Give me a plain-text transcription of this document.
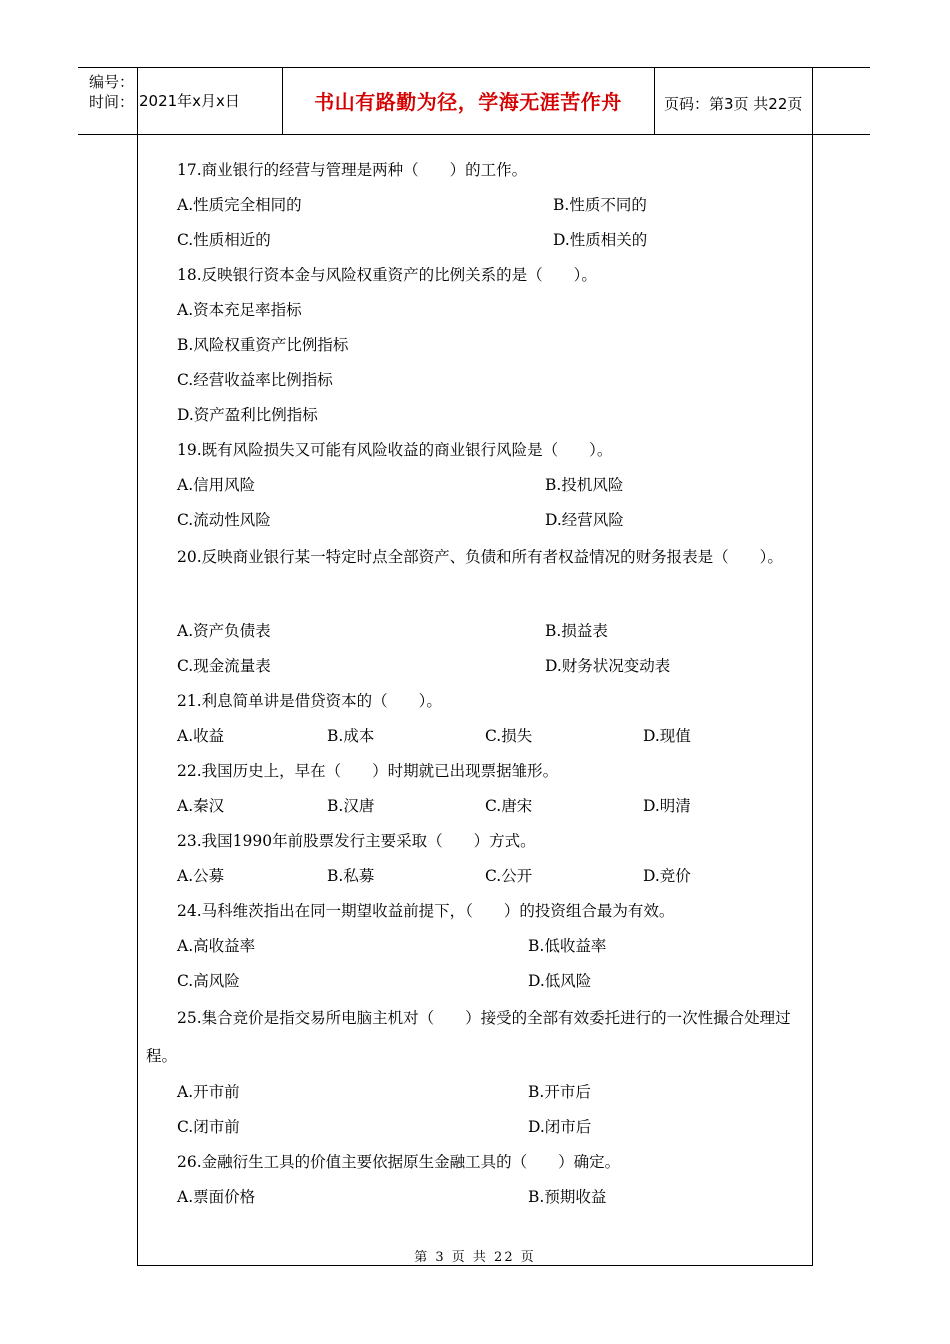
编号：
时间： 2021年x月x日	书山有路勤为径，学海无涯苦作舟	页码：第3页 共22页
17.商业银行的经营与管理是两种（　　）的工作。
A.性质完全相同的	B.性质不同的
C.性质相近的	D.性质相关的
18.反映银行资本金与风险权重资产的比例关系的是（　　）。
A.资本充足率指标
B.风险权重资产比例指标
C.经营收益率比例指标
D.资产盈利比例指标
19.既有风险损失又可能有风险收益的商业银行风险是（　　）。
A.信用风险	B.投机风险
C.流动性风险	D.经营风险
20.反映商业银行某一特定时点全部资产、负债和所有者权益情况的财务报表是（　　）。
A.资产负债表	B.损益表
C.现金流量表	D.财务状况变动表
21.利息简单讲是借贷资本的（　　）。
A.收益	B.成本	C.损失	D.现值
22.我国历史上，早在（　　）时期就已出现票据雏形。
A.秦汉	B.汉唐	C.唐宋	D.明清
23.我国1990年前股票发行主要采取（　　）方式。
A.公募	B.私募	C.公开	D.竞价
24.马科维茨指出在同一期望收益前提下，（　　）的投资组合最为有效。
A.高收益率	B.低收益率
C.高风险	D.低风险
25.集合竞价是指交易所电脑主机对（　　）接受的全部有效委托进行的一次性撮合处理过程。
A.开市前	B.开市后
C.闭市前	D.闭市后
26.金融衍生工具的价值主要依据原生金融工具的（　　）确定。
A.票面价格	B.预期收益
第 3 页 共 22 页
